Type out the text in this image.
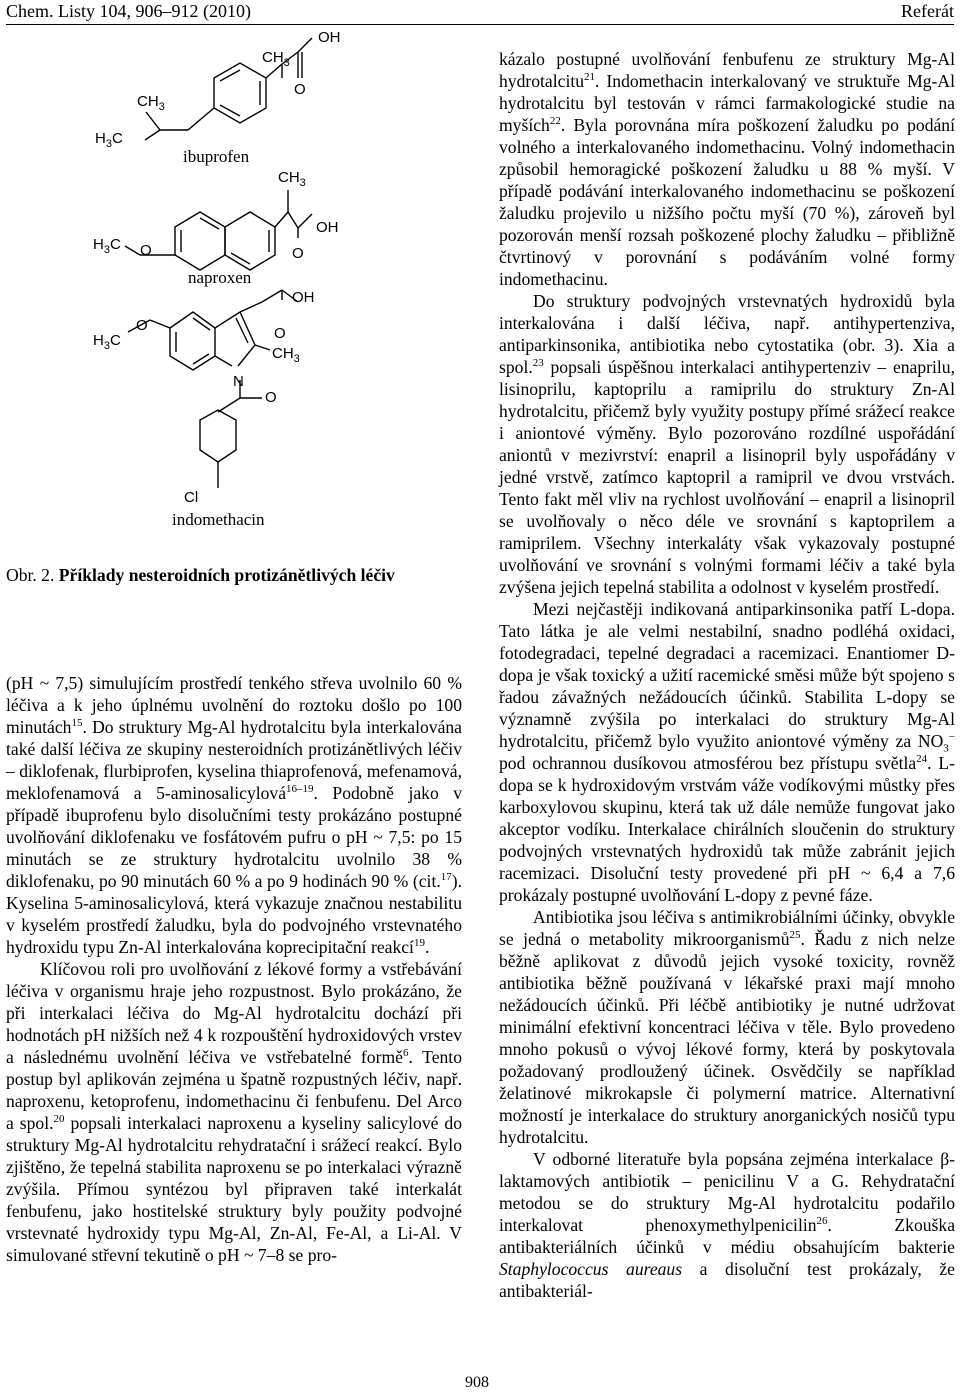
Chem. Listy 104, 906–912 (2010)	Referát
$CH_3$
OH
O
$CH_3$
$H_3C$
ibuprofen
$CH_3$
OH
O
O
$H_3C$
naproxen
OH
O
$CH_3$
N
O
O
$H_3C$
Cl
indomethacin
Obr. 2. Příklady nesteroidních protizánětlivých léčiv

(pH ~ 7,5) simulujícím prostředí tenkého střeva uvolnilo 60 % léčiva a k jeho úplnému uvolnění do roztoku došlo po 100 minutách$^{15}$. Do struktury Mg-Al hydrotalcitu byla interkalována také další léčiva ze skupiny nesteroidních protizánětlivých léčiv – diklofenak, flurbiprofen, kyselina thiaprofenová, mefenamová, meklofenamová a 5-aminosalicylová$^{16-19}$. Podobně jako v případě ibuprofenu bylo disolučními testy prokázáno postupné uvolňování diklofenaku ve fosfátovém pufru o pH ~ 7,5: po 15 minutách se ze struktury hydrotalcitu uvolnilo 38 % diklofenaku, po 90 minutách 60 % a po 9 hodinách 90 % (cit.$^{17}$). Kyselina 5-aminosalicylová, která vykazuje značnou nestabilitu v kyselém prostředí žaludku, byla do podvojného vrstevnatého hydroxidu typu Zn-Al interkalována koprecipitační reakcí$^{19}$.

Klíčovou roli pro uvolňování z lékové formy a vstřebávání léčiva v organismu hraje jeho rozpustnost. Bylo prokázáno, že při interkalaci léčiva do Mg-Al hydrotalcitu dochází při hodnotách pH nižších než 4 k rozpouštění hydroxidových vrstev a následnému uvolnění léčiva ve vstřebatelné formě$^6$. Tento postup byl aplikován zejména u špatně rozpustných léčiv, např. naproxenu, ketoprofenu, indomethacinu či fenbufenu. Del Arco a spol.$^{20}$ popsali interkalaci naproxenu a kyseliny salicylové do struktury Mg-Al hydrotalcitu rehydratační i srážecí reakcí. Bylo zjištěno, že tepelná stabilita naproxenu se po interkalaci výrazně zvýšila. Přímou syntézou byl připraven také interkalát fenbufenu, jako hostitelské struktury byly použity podvojné vrstevnaté hydroxidy typu Mg-Al, Zn-Al, Fe-Al, a Li-Al. V simulované střevní tekutině o pH ~ 7–8 se pro-

kázalo postupné uvolňování fenbufenu ze struktury Mg-Al hydrotalcitu$^{21}$. Indomethacin interkalovaný ve struktuře Mg-Al hydrotalcitu byl testován v rámci farmakologické studie na myších$^{22}$. Byla porovnána míra poškození žaludku po podání volného a interkalovaného indomethacinu. Volný indomethacin způsobil hemoragické poškození žaludku u 88 % myší. V případě podávání interkalovaného indomethacinu se poškození žaludku projevilo u nižšího počtu myší (70 %), zároveň byl pozorován menší rozsah poškozené plochy žaludku – přibližně čtvrtinový v porovnání s podáváním volné formy indomethacinu.

Do struktury podvojných vrstevnatých hydroxidů byla interkalována i další léčiva, např. antihypertenziva, antiparkinsonika, antibiotika nebo cytostatika (obr. 3). Xia a spol.$^{23}$ popsali úspěšnou interkalaci antihypertenziv – enaprilu, lisinoprilu, kaptoprilu a ramiprilu do struktury Zn-Al hydrotalcitu, přičemž byly využity postupy přímé srážecí reakce i aniontové výměny. Bylo pozorováno rozdílné uspořádání aniontů v mezivrství: enapril a lisinopril byly uspořádány v jedné vrstvě, zatímco kaptopril a ramipril ve dvou vrstvách. Tento fakt měl vliv na rychlost uvolňování – enapril a lisinopril se uvolňovaly o něco déle ve srovnání s kaptoprilem a ramiprilem. Všechny interkaláty však vykazovaly postupné uvolňování ve srovnání s volnými formami léčiv a také byla zvýšena jejich tepelná stabilita a odolnost v kyselém prostředí.

Mezi nejčastěji indikovaná antiparkinsonika patří L-dopa. Tato látka je ale velmi nestabilní, snadno podléhá oxidaci, fotodegradaci, tepelné degradaci a racemizaci. Enantiomer D-dopa je však toxický a užití racemické směsi může být spojeno s řadou závažných nežádoucích účinků. Stabilita L-dopy se významně zvýšila po interkalaci do struktury Mg-Al hydrotalcitu, přičemž bylo využito aniontové výměny za $NO_3^-$ pod ochrannou dusíkovou atmosférou bez přístupu světla$^{24}$. L-dopa se k hydroxidovým vrstvám váže vodíkovými můstky přes karboxylovou skupinu, která tak už dále nemůže fungovat jako akceptor vodíku. Interkalace chirálních sloučenin do struktury podvojných vrstevnatých hydroxidů tak může zabránit jejich racemizaci. Disoluční testy provedené při pH ~ 6,4 a 7,6 prokázaly postupné uvolňování L-dopy z pevné fáze.

Antibiotika jsou léčiva s antimikrobiálními účinky, obvykle se jedná o metabolity mikroorganismů$^{25}$. Řadu z nich nelze běžně aplikovat z důvodů jejich vysoké toxicity, rovněž antibiotika běžně používaná v lékařské praxi mají mnoho nežádoucích účinků. Při léčbě antibiotiky je nutné udržovat minimální efektivní koncentraci léčiva v těle. Bylo provedeno mnoho pokusů o vývoj lékové formy, která by poskytovala požadovaný prodloužený účinek. Osvědčily se například želatinové mikrokapsle či polymerní matrice. Alternativní možností je interkalace do struktury anorganických nosičů typu hydrotalcitu.

V odborné literatuře byla popsána zejména interkalace β-laktamových antibiotik – penicilinu V a G. Rehydratační metodou se do struktury Mg-Al hydrotalcitu podařilo interkalovat phenoxymethylpenicilin$^{26}$. Zkouška antibakteriálních účinků v médiu obsahujícím bakterie Staphylococcus aureaus a disoluční test prokázaly, že antibakteriál-

908
